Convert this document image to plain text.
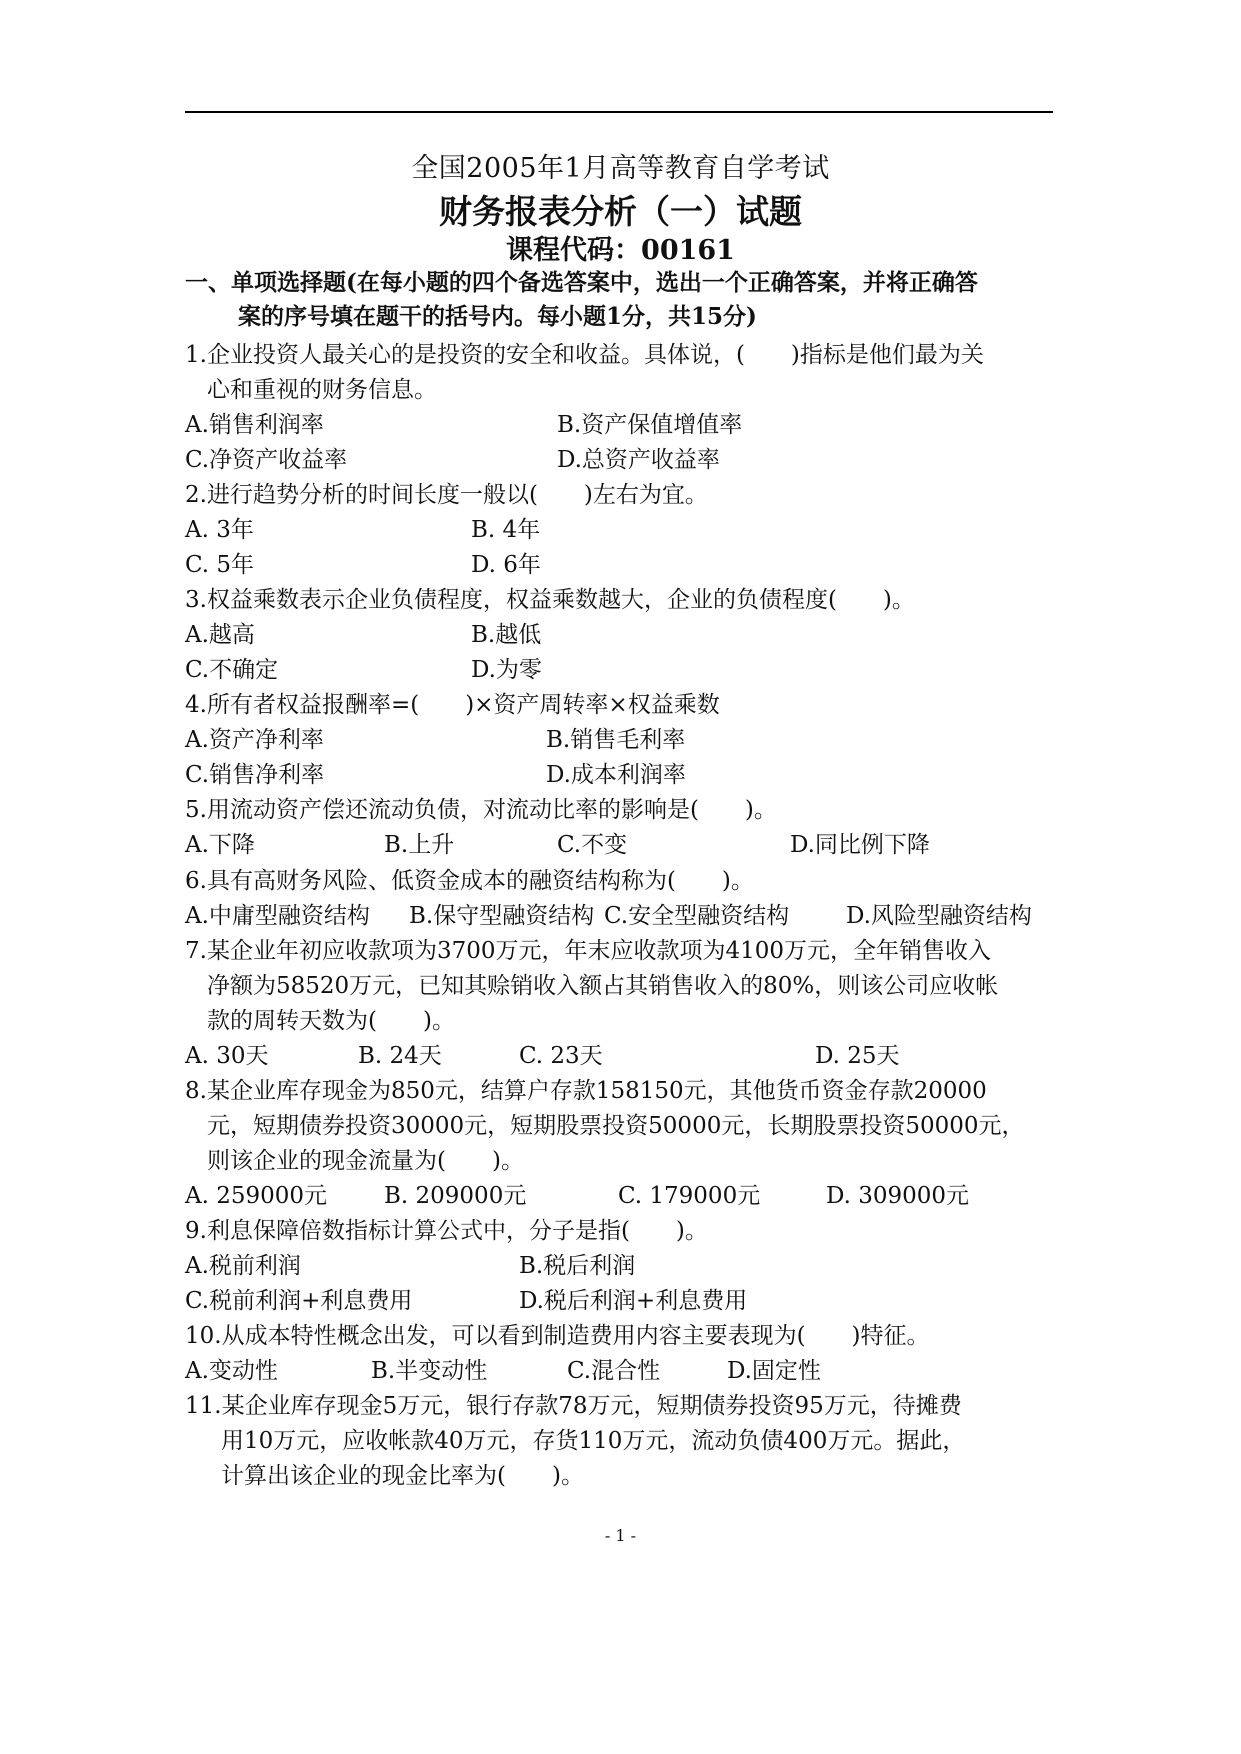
全国2005年1月高等教育自学考试
财务报表分析（一）试题
课程代码：00161
一、单项选择题(在每小题的四个备选答案中，选出一个正确答案，并将正确答
案的序号填在题干的括号内。每小题1分，共15分)
1.企业投资人最关心的是投资的安全和收益。具体说，(　　)指标是他们最为关
心和重视的财务信息。
A.销售利润率	B.资产保值增值率
C.净资产收益率	D.总资产收益率
2.进行趋势分析的时间长度一般以(　　)左右为宜。
A. 3年	B. 4年
C. 5年	D. 6年
3.权益乘数表示企业负债程度，权益乘数越大，企业的负债程度(　　)。
A.越高	B.越低
C.不确定	D.为零
4.所有者权益报酬率=(　　)×资产周转率×权益乘数
A.资产净利率	B.销售毛利率
C.销售净利率	D.成本利润率
5.用流动资产偿还流动负债，对流动比率的影响是(　　)。
A.下降	B.上升	C.不变	D.同比例下降
6.具有高财务风险、低资金成本的融资结构称为(　　)。
A.中庸型融资结构 B.保守型融资结构 C.安全型融资结构 D.风险型融资结构
7.某企业年初应收款项为3700万元，年末应收款项为4100万元，全年销售收入
净额为58520万元，已知其赊销收入额占其销售收入的80%，则该公司应收帐
款的周转天数为(　　)。
A. 30天	B. 24天	C. 23天	D. 25天
8.某企业库存现金为850元，结算户存款158150元，其他货币资金存款20000
元，短期债券投资30000元，短期股票投资50000元，长期股票投资50000元，
则该企业的现金流量为(　　)。
A. 259000元 B. 209000元	C. 179000元	D. 309000元
9.利息保障倍数指标计算公式中，分子是指(　　)。
A.税前利润	B.税后利润
C.税前利润+利息费用	D.税后利润+利息费用
10.从成本特性概念出发，可以看到制造费用内容主要表现为(　　)特征。
A.变动性	B.半变动性	C.混合性	D.固定性
11.某企业库存现金5万元，银行存款78万元，短期债券投资95万元，待摊费
用10万元，应收帐款40万元，存货110万元，流动负债400万元。据此，
计算出该企业的现金比率为(　　)。
- 1 -
